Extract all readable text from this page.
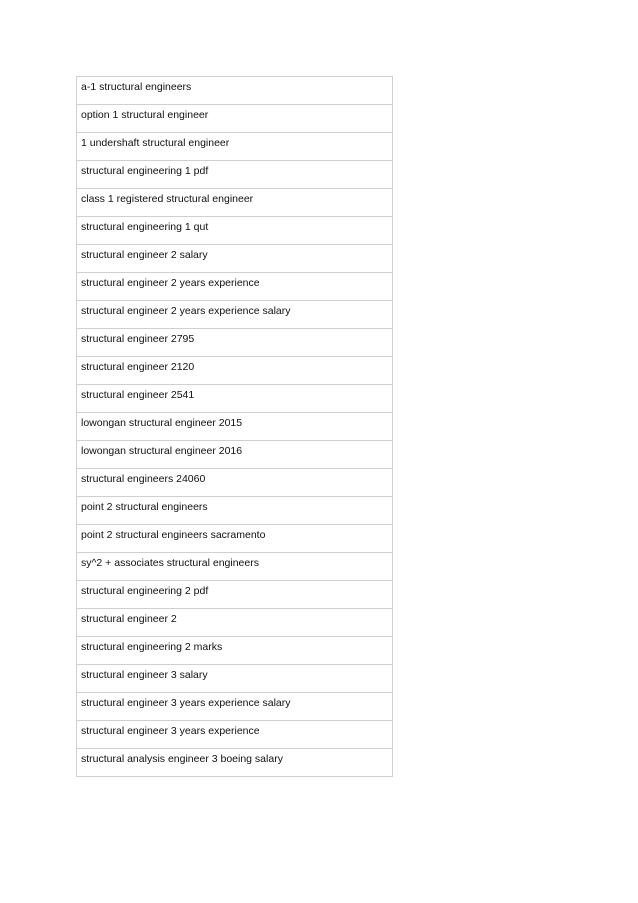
a-1 structural engineers

option 1 structural engineer

1 undershaft structural engineer

structural engineering 1 pdf

class 1 registered structural engineer

structural engineering 1 qut

structural engineer 2 salary

structural engineer 2 years experience

structural engineer 2 years experience salary

structural engineer 2795

structural engineer 2120

structural engineer 2541

lowongan structural engineer 2015

lowongan structural engineer 2016

structural engineers 24060

point 2 structural engineers

point 2 structural engineers sacramento

sy^2 + associates structural engineers

structural engineering 2 pdf

structural engineer 2

structural engineering 2 marks

structural engineer 3 salary

structural engineer 3 years experience salary

structural engineer 3 years experience

structural analysis engineer 3 boeing salary
